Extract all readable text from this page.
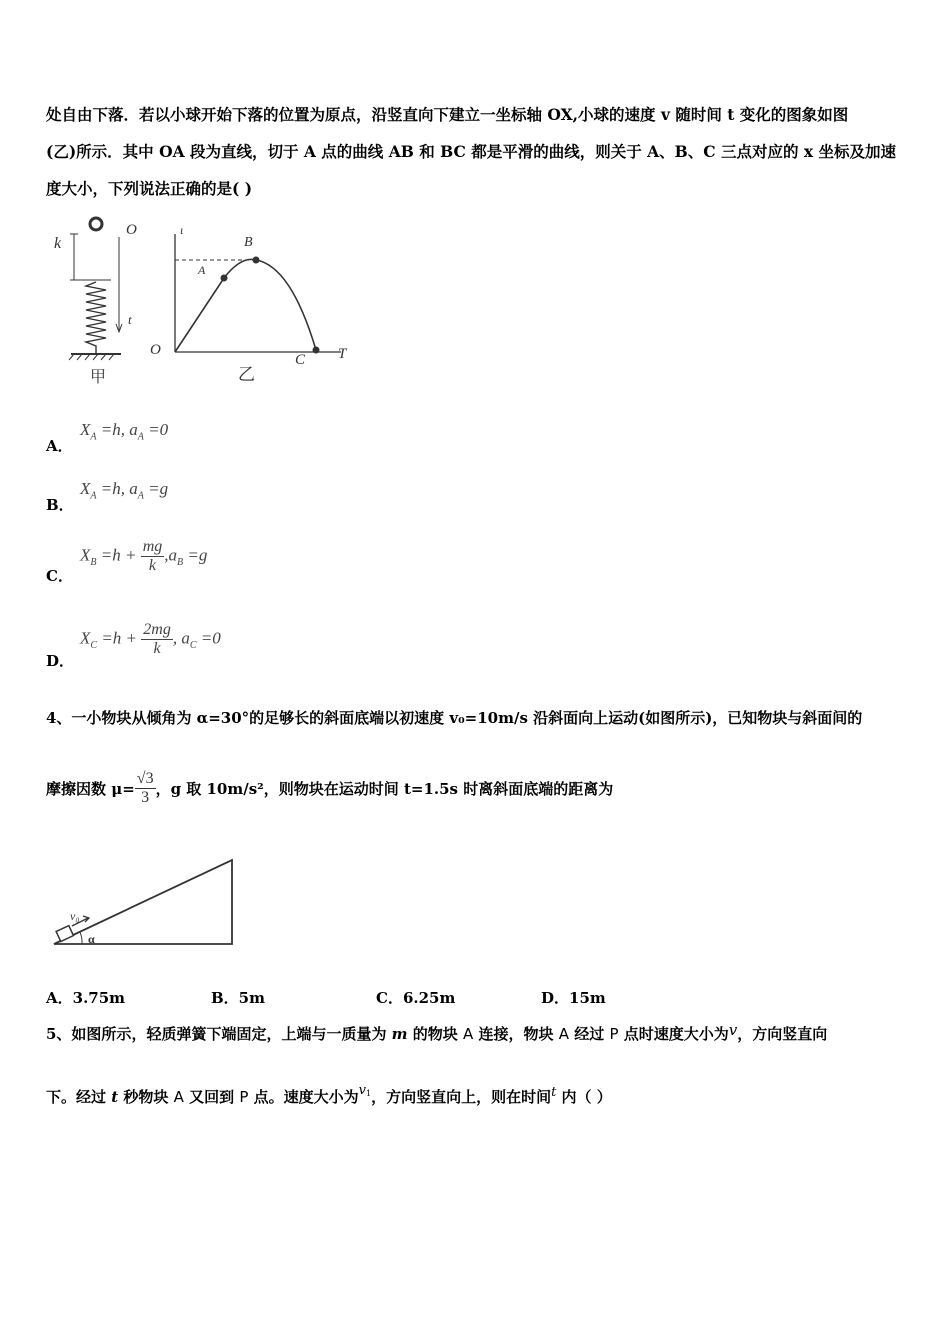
处自由下落．若以小球开始下落的位置为原点，沿竖直向下建立一坐标轴 OX,小球的速度 v 随时间 t 变化的图象如图
(乙)所示．其中 OA 段为直线，切于 A 点的曲线 AB 和 BC 都是平滑的曲线，则关于 A、B、C 三点对应的 x 坐标及加速
度大小，下列说法正确的是( )
k
O
t
甲
ι
B
A
O
C T
乙
A．
$X_A =h$, $a_A =0$
B．
$X_A =h$, $a_A =g$
C．
$X_B =h + \frac{mg}{k} ,a_B =g$
D．
$X_C =h + \frac{2mg}{k}$ , $a_C =0$
4、一小物块从倾角为 α=30°的足够长的斜面底端以初速度 v₀=10m/s 沿斜面向上运动(如图所示)，已知物块与斜面间的
摩擦因数 $\mu= \frac{√3}{3}$ ，g 取 10m/s²，则物块在运动时间 t=1.5s 时离斜面底端的距离为
v₀
α
A．3.75m	B．5m	C．6.25m	D．15m
5、如图所示，轻质弹簧下端固定，上端与一质量为 m 的物块 A 连接，物块 A 经过 P 点时速度大小为v，方向竖直向
下。经过 t 秒物块 A 又回到 P 点。速度大小为$v_1$，方向竖直向上，则在时间t 内（ ）
